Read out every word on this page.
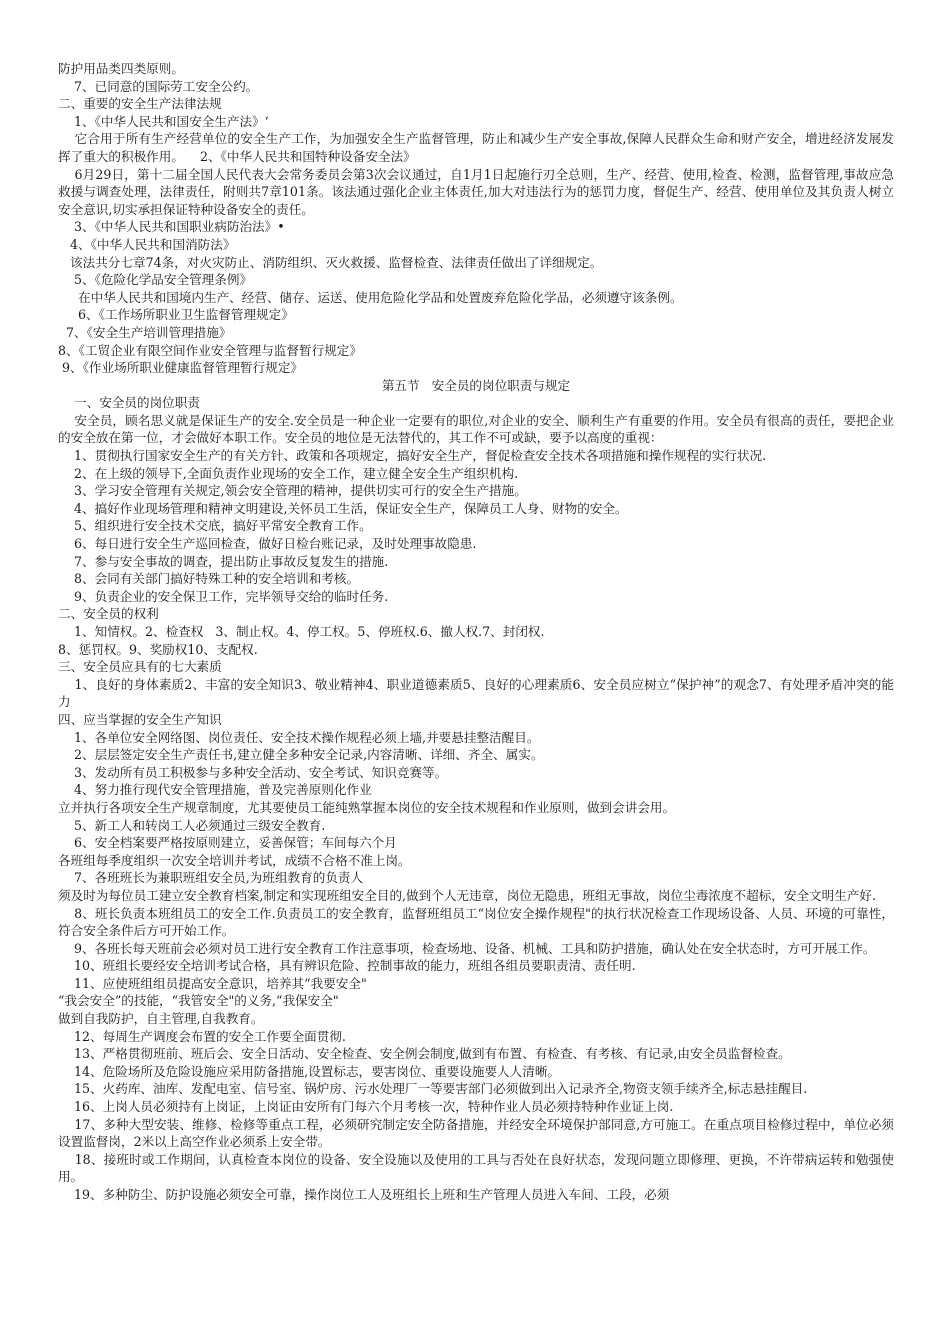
防护用品类四类原则。

7、已同意的国际劳工安全公约。

二、重要的安全生产法律法规

1、《中华人民共和国安全生产法》‘

它合用于所有生产经营单位的安全生产工作，为加强安全生产监督管理，防止和减少生产安全事故,保障人民群众生命和财产安全，增进经济发展发挥了重大的积极作用。    2、《中华人民共和国特种设备安全法》

6月29日，第十二届全国人民代表大会常务委员会第3次会议通过，自1月1日起施行刃全总则，生产、经营、使用,检查、检测，监督管理,事故应急救援与调查处理，法律责任，附则共7章101条。该法通过强化企业主体责任,加大对违法行为的惩罚力度，督促生产、经营、使用单位及其负责人树立安全意识,切实承担保证特种设备安全的责任。

3、《中华人民共和国职业病防治法》•

4、《中华人民共和国消防法》

该法共分七章74条，对火灾防止、消防组织、灭火救援、监督检查、法律责任做出了详细规定。

5、《危险化学品安全管理条例》

在中华人民共和国境内生产、经营、储存、运送、使用危险化学品和处置废弃危险化学品，必须遵守该条例。

6、《工作场所职业卫生监督管理规定》

7、《安全生产培训管理措施》

8、《工贸企业有限空间作业安全管理与监督暂行规定》

9、《作业场所职业健康监督管理暂行规定》

第五节   安全员的岗位职责与规定

一、安全员的岗位职责

安全员，顾名思义就是保证生产的安全.安全员是一种企业一定要有的职位,对企业的安全、顺利生产有重要的作用。安全员有很高的责任，要把企业的安全放在第一位，才会做好本职工作。安全员的地位是无法替代的，其工作不可或缺，要予以高度的重视：

1、贯彻执行国家安全生产的有关方针、政策和各项规定，搞好安全生产，督促检查安全技术各项措施和操作规程的实行状况.

2、在上级的领导下,全面负责作业现场的安全工作，建立健全安全生产组织机构.

3、学习安全管理有关规定,领会安全管理的精神，提供切实可行的安全生产措施。

4、搞好作业现场管理和精神文明建设,关怀员工生活，保证安全生产，保障员工人身、财物的安全。

5、组织进行安全技术交底，搞好平常安全教育工作。

6、每日进行安全生产巡回检查，做好日检台账记录，及时处理事故隐患.

7、参与安全事故的调查，提出防止事故反复发生的措施.

8、会同有关部门搞好特殊工种的安全培训和考核。

9、负责企业的安全保卫工作，完毕领导交给的临时任务.

二、安全员的权利

1、知情权。2、检查权   3、制止权。4、停工权。5、停班权.6、撤人权.7、封闭权.

8、惩罚权。9、奖励权10、支配权.

三、安全员应具有的七大素质

1、良好的身体素质2、丰富的安全知识3、敬业精神4、职业道德素质5、良好的心理素质6、安全员应树立“保护神”的观念7、有处理矛盾冲突的能力

四、应当掌握的安全生产知识

1、各单位安全网络图、岗位责任、安全技术操作规程必须上墙,并要悬挂整洁醒目。

2、层层签定安全生产责任书,建立健全多种安全记录,内容清晰、详细、齐全、属实。

3、发动所有员工积极参与多种安全活动、安全考试、知识竞赛等。

4、努力推行现代安全管理措施，普及完善原则化作业

立并执行各项安全生产规章制度，尤其要使员工能纯熟掌握本岗位的安全技术规程和作业原则，做到会讲会用。

5、新工人和转岗工人必须通过三级安全教育.

6、安全档案要严格按原则建立，妥善保管；车间每六个月

各班组每季度组织一次安全培训并考试，成绩不合格不准上岗。

7、各班班长为兼职班组安全员,为班组教育的负责人

须及时为每位员工建立安全教育档案,制定和实现班组安全目的,做到个人无违章，岗位无隐患，班组无事故，岗位尘毒浓度不超标，安全文明生产好.

8、班长负责本班组员工的安全工作.负责员工的安全教育，监督班组员工“岗位安全操作规程"的执行状况检查工作现场设备、人员、环境的可靠性，符合安全条件后方可开始工作。

9、各班长每天班前会必须对员工进行安全教育工作注意事项，检查场地、设备、机械、工具和防护措施，确认处在安全状态时，方可开展工作。

10、班组长要经安全培训考试合格，具有辨识危险、控制事故的能力，班组各组员要职责清、责任明.

11、应使班组组员提高安全意识，培养其“我要安全"

“我会安全”的技能，“我管安全"的义务,“我保安全"

做到自我防护，自主管理,自我教育。

12、每周生产调度会布置的安全工作要全面贯彻.

13、严格贯彻班前、班后会、安全日活动、安全检查、安全例会制度,做到有布置、有检查、有考核、有记录,由安全员监督检查。

14、危险场所及危险设施应采用防备措施,设置标志，要害岗位、重要设施要人人清晰。

15、火药库、油库、发配电室、信号室、锅炉房、污水处理厂一等要害部门必须做到出入记录齐全,物资支领手续齐全,标志悬挂醒目.

16、上岗人员必须持有上岗证，上岗证由安所有门每六个月考核一次，特种作业人员必须持特种作业证上岗.

17、多种大型安装、维修、检修等重点工程，必须研究制定安全防备措施，并经安全环境保护部同意,方可施工。在重点项目检修过程中，单位必须设置监督岗，2米以上高空作业必须系上安全带。

18、接班时或工作期间，认真检查本岗位的设备、安全设施以及使用的工具与否处在良好状态，发现问题立即修理、更换，不许带病运转和勉强使用。

19、多种防尘、防护设施必须安全可靠，操作岗位工人及班组长上班和生产管理人员进入车间、工段，必须
